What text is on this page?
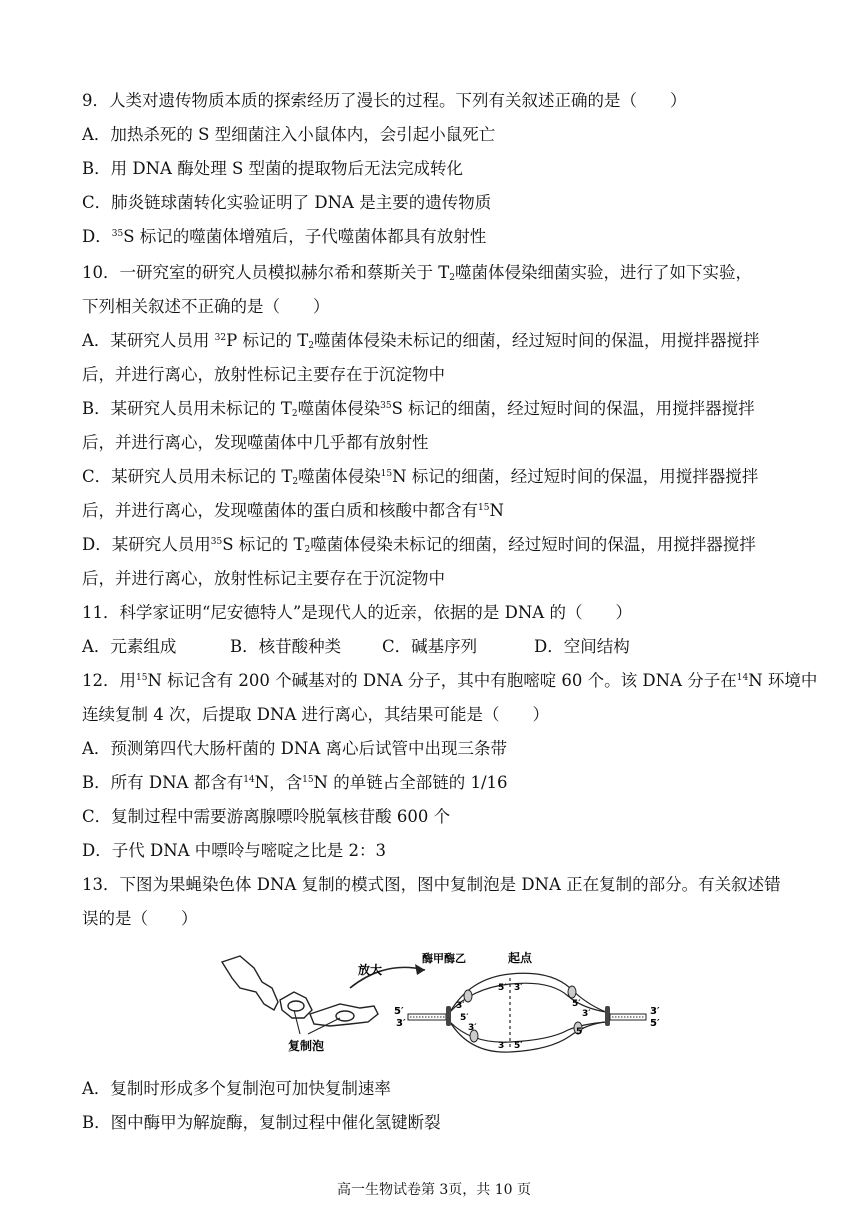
9．人类对遗传物质本质的探索经历了漫长的过程。下列有关叙述正确的是（　　）
A．加热杀死的 S 型细菌注入小鼠体内，会引起小鼠死亡
B．用 DNA 酶处理 S 型菌的提取物后无法完成转化
C．肺炎链球菌转化实验证明了 DNA 是主要的遗传物质
D．$^{35}$S 标记的噬菌体增殖后，子代噬菌体都具有放射性
10．一研究室的研究人员模拟赫尔希和蔡斯关于 $T_2$噬菌体侵染细菌实验，进行了如下实验，
下列相关叙述不正确的是（　　）
A．某研究人员用 $^{32}$P 标记的 $T_2$噬菌体侵染未标记的细菌，经过短时间的保温，用搅拌器搅拌
后，并进行离心，放射性标记主要存在于沉淀物中
B．某研究人员用未标记的 $T_2$噬菌体侵染$^{35}$S 标记的细菌，经过短时间的保温，用搅拌器搅拌
后，并进行离心，发现噬菌体中几乎都有放射性
C．某研究人员用未标记的 $T_2$噬菌体侵染$^{15}$N 标记的细菌，经过短时间的保温，用搅拌器搅拌
后，并进行离心，发现噬菌体的蛋白质和核酸中都含有$^{15}$N
D．某研究人员用$^{35}$S 标记的 $T_2$噬菌体侵染未标记的细菌，经过短时间的保温，用搅拌器搅拌
后，并进行离心，放射性标记主要存在于沉淀物中
11．科学家证明“尼安德特人”是现代人的近亲，依据的是 DNA 的（　　）
A．元素组成	B．核苷酸种类	C．碱基序列	D．空间结构
12．用$^{15}$N 标记含有 200 个碱基对的 DNA 分子，其中有胞嘧啶 60 个。该 DNA 分子在$^{14}$N 环境中
连续复制 4 次，后提取 DNA 进行离心，其结果可能是（　　）
A．预测第四代大肠杆菌的 DNA 离心后试管中出现三条带
B．所有 DNA 都含有$^{14}$N，含$^{15}$N 的单链占全部链的 1/16
C．复制过程中需要游离腺嘌呤脱氧核苷酸 600 个
D．子代 DNA 中嘌呤与嘧啶之比是 2：3
13．下图为果蝇染色体 DNA 复制的模式图，图中复制泡是 DNA 正在复制的部分。有关叙述错
误的是（　　）
复制泡
放大
酶甲酶乙	起点
5′
3′
5′ 3′
3′ 5′
3′
5′
3′
5′
3′
5′
3′
5′
A．复制时形成多个复制泡可加快复制速率
B．图中酶甲为解旋酶，复制过程中催化氢键断裂
高一生物试卷第 3页，共 10 页
